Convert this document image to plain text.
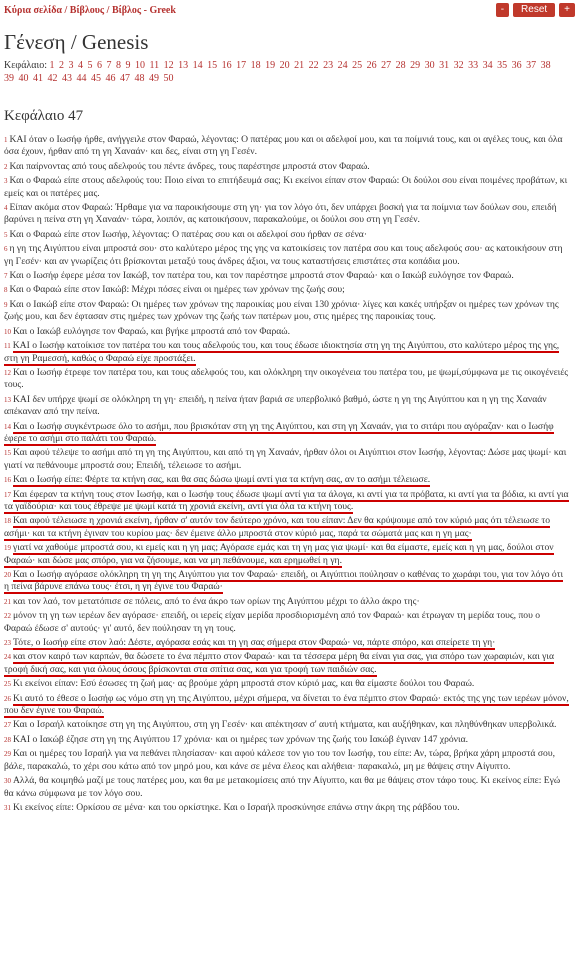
Κύρια σελίδα / Βίβλους / Βίβλος - Greek	-	Reset	+
Γένεση / Genesis
Κεφάλαιο: 1 2 3 4 5 6 7 8 9 10 11 12 13 14 15 16 17 18 19 20 21 22 23 24 25 26 27 28 29 30 31 32 33 34 35 36 37 38 39 40 41 42 43 44 45 46 47 48 49 50
Κεφάλαιο 47
1 ΚΑΙ όταν ο Ιωσήφ ήρθε, ανήγγειλε στον Φαραώ, λέγοντας: Ο πατέρας μου και οι αδελφοί μου, και τα ποίμνιά τους, και οι αγέλες τους, και όλα όσα έχουν, ήρθαν από τη γη Χαναάν· και δες, είναι στη γη Γεσέν.
2 Και παίρνοντας από τους αδελφούς του πέντε άνδρες, τους παρέστησε μπροστά στον Φαραώ.
3 Και ο Φαραώ είπε στους αδελφούς του: Ποιο είναι το επιτήδευμά σας; Κι εκείνοι είπαν στον Φαραώ: Οι δούλοι σου είναι ποιμένες προβάτων, κι εμείς και οι πατέρες μας.
4 Είπαν ακόμα στον Φαραώ: Ήρθαμε για να παροικήσουμε στη γη· για τον λόγο ότι, δεν υπάρχει βοσκή για τα ποίμνια των δούλων σου, επειδή βαρύνει η πείνα στη γη Χαναάν· τώρα, λοιπόν, ας κατοικήσουν, παρακαλούμε, οι δούλοι σου στη γη Γεσέν.
5 Και ο Φαραώ είπε στον Ιωσήφ, λέγοντας: Ο πατέρας σου και οι αδελφοί σου ήρθαν σε σένα·
6 η γη της Αιγύπτου είναι μπροστά σου· στο καλύτερο μέρος της γης να κατοικίσεις τον πατέρα σου και τους αδελφούς σου· ας κατοικήσουν στη γη Γεσέν· και αν γνωρίζεις ότι βρίσκονται μεταξύ τους άνδρες άξιοι, να τους καταστήσεις επιστάτες στα κοπάδια μου.
7 Και ο Ιωσήφ έφερε μέσα τον Ιακώβ, τον πατέρα του, και τον παρέστησε μπροστά στον Φαραώ· και ο Ιακώβ ευλόγησε τον Φαραώ.
8 Και ο Φαραώ είπε στον Ιακώβ: Μέχρι πόσες είναι οι ημέρες των χρόνων της ζωής σου;
9 Και ο Ιακώβ είπε στον Φαραώ: Οι ημέρες των χρόνων της παροικίας μου είναι 130 χρόνια· λίγες και κακές υπήρξαν οι ημέρες των χρόνων της ζωής μου, και δεν έφτασαν στις ημέρες των χρόνων της ζωής των πατέρων μου, στις ημέρες της παροικίας τους.
10 Και ο Ιακώβ ευλόγησε τον Φαραώ, και βγήκε μπροστά από τον Φαραώ.
11 ΚΑΙ ο Ιωσήφ κατοίκισε τον πατέρα του και τους αδελφούς του, και τους έδωσε ιδιοκτησία στη γη της Αιγύπτου, στο καλύτερο μέρος της γης, στη γη Ραμεσσή, καθώς ο Φαραώ είχε προστάξει.
12 Και ο Ιωσήφ έτρεφε τον πατέρα του, και τους αδελφούς του, και ολόκληρη την οικογένεια του πατέρα του, με ψωμί,σύμφωνα με τις οικογένειές τους.
13 ΚΑΙ δεν υπήρχε ψωμί σε ολόκληρη τη γη· επειδή, η πείνα ήταν βαριά σε υπερβολικό βαθμό, ώστε η γη της Αιγύπτου και η γη της Χαναάν απέκαναν από την πείνα.
14 Και ο Ιωσήφ συγκέντρωσε όλο το ασήμι, που βρισκόταν στη γη της Αιγύπτου, και στη γη Χαναάν, για το σιτάρι που αγόραζαν· και ο Ιωσήφ έφερε το ασήμι στο παλάτι του Φαραώ.
15 Και αφού τέλεψε το ασήμι από τη γη της Αιγύπτου, και από τη γη Χαναάν, ήρθαν όλοι οι Αιγύπτιοι στον Ιωσήφ, λέγοντας: Δώσε μας ψωμί· και γιατί να πεθάνουμε μπροστά σου; Επειδή, τέλειωσε το ασήμι.
16 Και ο Ιωσήφ είπε: Φέρτε τα κτήνη σας, και θα σας δώσω ψωμί αντί για τα κτήνη σας, αν το ασήμι τέλειωσε.
17 Και έφεραν τα κτήνη τους στον Ιωσήφ, και ο Ιωσήφ τους έδωσε ψωμί αντί για τα άλογα, κι αντί για τα πρόβατα, κι αντί για τα βόδια, κι αντί για τα γαϊδούρια· και τους έθρεψε με ψωμί κατά τη χρονιά εκείνη, αντί για όλα τα κτήνη τους.
18 Και αφού τέλειωσε η χρονιά εκείνη, ήρθαν σ' αυτόν τον δεύτερο χρόνο, και του είπαν: Δεν θα κρύψουμε από τον κύριό μας ότι τέλειωσε το ασήμι· και τα κτήνη έγιναν του κυρίου μας· δεν έμεινε άλλο μπροστά στον κύριό μας, παρά τα σώματά μας και η γη μας·
19 γιατί να χαθούμε μπροστά σου, κι εμείς και η γη μας; Αγόρασε εμάς και τη γη μας για ψωμί· και θα είμαστε, εμείς και η γη μας, δούλοι στον Φαραώ· και δώσε μας σπόρο, για να ζήσουμε, και να μη πεθάνουμε, και ερημωθεί η γη.
20 Και ο Ιωσήφ αγόρασε ολόκληρη τη γη της Αιγύπτου για τον Φαραώ· επειδή, οι Αιγύπτιοι πούλησαν ο καθένας το χωράφι του, για τον λόγο ότι η πείνα βάρυνε επάνω τους· έτσι, η γη έγινε του Φαραώ·
21 και τον λαό, τον μετατόπισε σε πόλεις, από το ένα άκρο των ορίων της Αιγύπτου μέχρι το άλλο άκρο της·
22 μόνον τη γη των ιερέων δεν αγόρασε· επειδή, οι ιερείς είχαν μερίδα προσδιορισμένη από τον Φαραώ· και έτρωγαν τη μερίδα τους, που ο Φαραώ έδωσε σ' αυτούς· γι' αυτό, δεν πούλησαν τη γη τους.
23 Τότε, ο Ιωσήφ είπε στον λαό: Δέστε, αγόρασα εσάς και τη γη σας σήμερα στον Φαραώ· να, πάρτε σπόρο, και σπείρετε τη γη·
24 και στον καιρό των καρπών, θα δώσετε το ένα πέμπτο στον Φαραώ· και τα τέσσερα μέρη θα είναι για σας, για σπόρο των χωραφιών, και για τροφή δική σας, και για όλους όσους βρίσκονται στα σπίτια σας, και για τροφή των παιδιών σας.
25 Κι εκείνοι είπαν: Εσύ έσωσες τη ζωή μας· ας βρούμε χάρη μπροστά στον κύριό μας, και θα είμαστε δούλοι του Φαραώ.
26 Κι αυτό το έθεσε ο Ιωσήφ ως νόμο στη γη της Αιγύπτου, μέχρι σήμερα, να δίνεται το ένα πέμπτο στον Φαραώ· εκτός της γης των ιερέων μόνον, που δεν έγινε του Φαραώ.
27 Και ο Ισραήλ κατοίκησε στη γη της Αιγύπτου, στη γη Γεσέν· και απέκτησαν σ' αυτή κτήματα, και αυξήθηκαν, και πληθύνθηκαν υπερβολικά.
28 ΚΑΙ ο Ιακώβ έζησε στη γη της Αιγύπτου 17 χρόνια· και οι ημέρες των χρόνων της ζωής του Ιακώβ έγιναν 147 χρόνια.
29 Και οι ημέρες του Ισραήλ για να πεθάνει πλησίασαν· και αφού κάλεσε τον γιο του τον Ιωσήφ, του είπε: Αν, τώρα, βρήκα χάρη μπροστά σου, βάλε, παρακαλώ, το χέρι σου κάτω από τον μηρό μου, και κάνε σε μένα έλεος και αλήθεια· παρακαλώ, μη με θάψεις στην Αίγυπτο.
30 Αλλά, θα κοιμηθώ μαζί με τους πατέρες μου, και θα με μετακομίσεις από την Αίγυπτο, και θα με θάψεις στον τάφο τους. Κι εκείνος είπε: Εγώ θα κάνω σύμφωνα με τον λόγο σου.
31 Κι εκείνος είπε: Ορκίσου σε μένα· και του ορκίστηκε. Και ο Ισραήλ προσκύνησε επάνω στην άκρη της ράβδου του.
